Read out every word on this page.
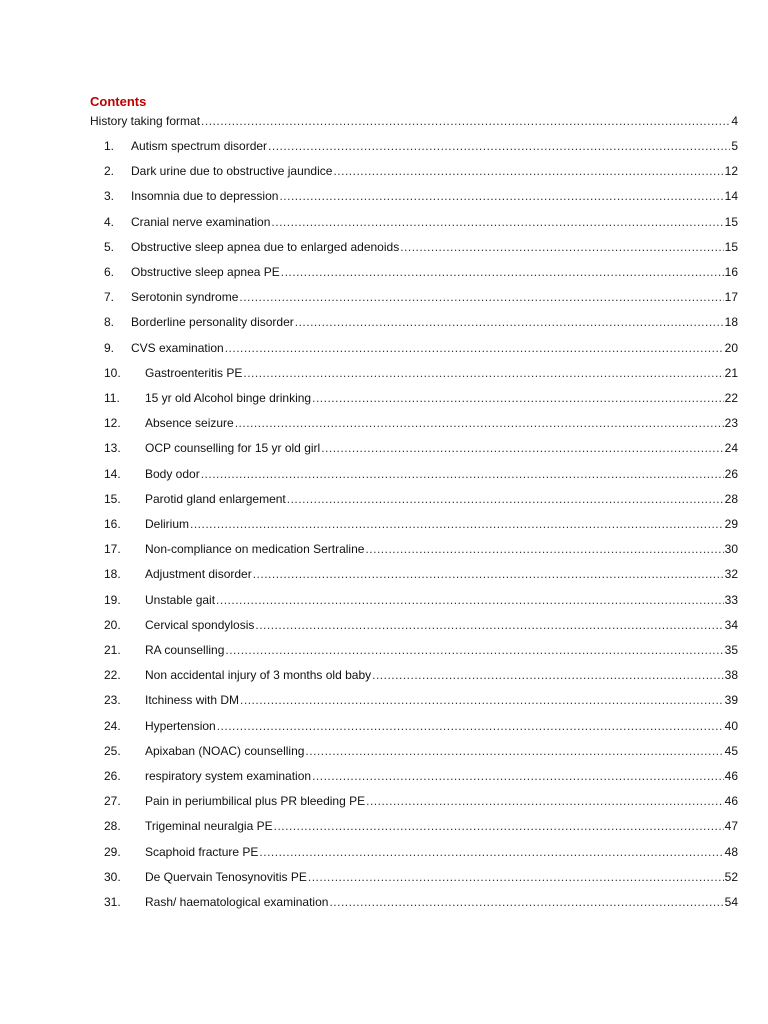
Contents
History taking format .....	4
1.	Autism spectrum disorder .....	5
2.	Dark urine due to obstructive jaundice .....	12
3.	Insomnia due to depression .....	14
4.	Cranial nerve examination .....	15
5.	Obstructive sleep apnea due to enlarged adenoids .....	15
6.	Obstructive sleep apnea PE .....	16
7.	Serotonin syndrome .....	17
8.	Borderline personality disorder .....	18
9.	CVS examination .....	20
10.	Gastroenteritis PE .....	21
11.	15 yr old Alcohol binge drinking .....	22
12.	Absence seizure .....	23
13.	OCP counselling for 15 yr old girl .....	24
14.	Body odor .....	26
15.	Parotid gland enlargement .....	28
16.	Delirium .....	29
17.	Non-compliance on medication Sertraline .....	30
18.	Adjustment disorder .....	32
19.	Unstable gait .....	33
20.	Cervical spondylosis .....	34
21.	RA counselling .....	35
22.	Non accidental injury of 3 months old baby .....	38
23.	Itchiness with DM .....	39
24.	Hypertension .....	40
25.	Apixaban (NOAC) counselling .....	45
26.	respiratory system examination .....	46
27.	Pain in periumbilical plus PR bleeding PE .....	46
28.	Trigeminal neuralgia PE .....	47
29.	Scaphoid fracture PE .....	48
30.	De Quervain Tenosynovitis PE .....	52
31.	Rash/ haematological examination .....	54
